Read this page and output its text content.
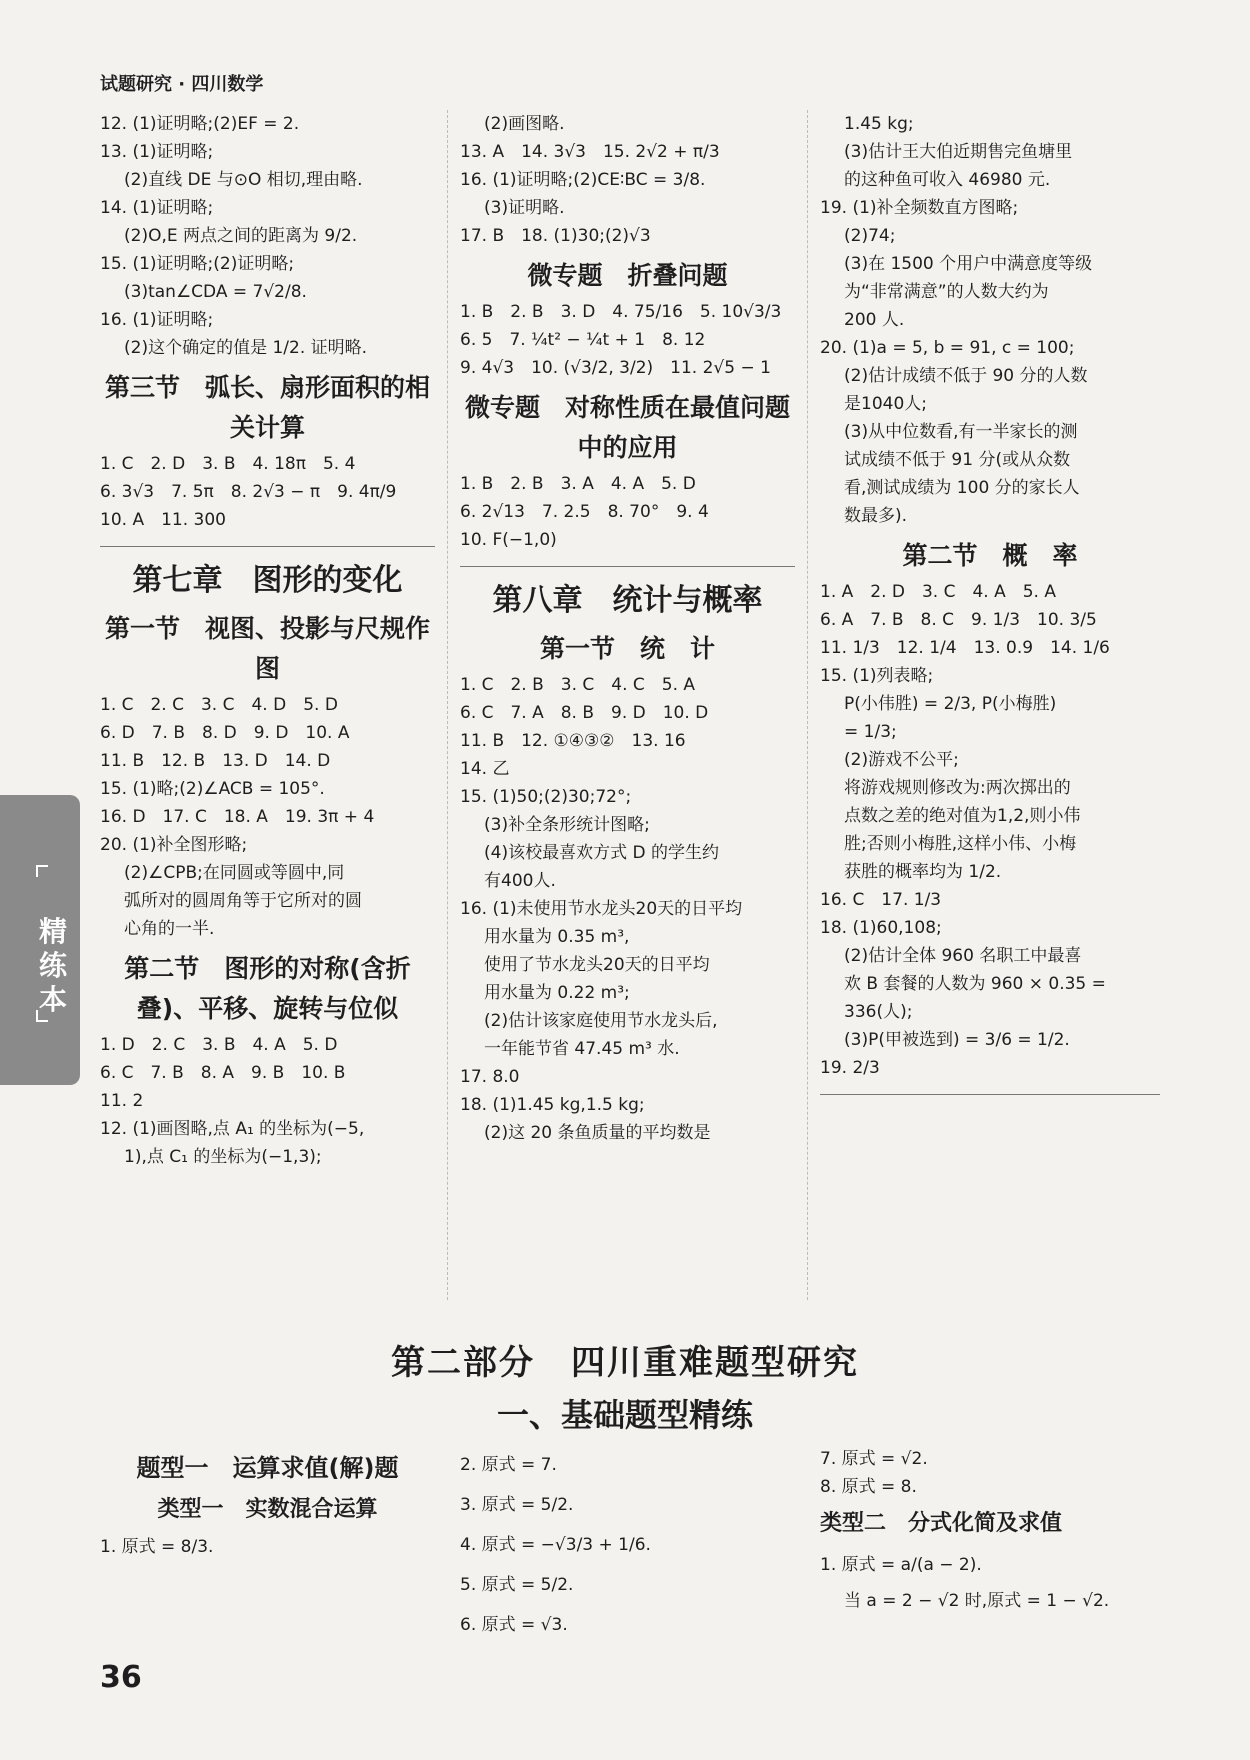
试题研究 · 四川数学
精练本
12. (1)证明略;(2)EF = 2.
13. (1)证明略;
(2)直线 DE 与⊙O 相切,理由略.
14. (1)证明略;
(2)O,E 两点之间的距离为 9/2.
15. (1)证明略;(2)证明略;
(3)tan∠CDA = 7√2/8.
16. (1)证明略;
(2)这个确定的值是 1/2. 证明略.
第三节　弧长、扇形面积的相关计算
1. C　2. D　3. B　4. 18π　5. 4
6. 3√3　7. 5π　8. 2√3 − π　9. 4π/9
10. A　11. 300
第七章　图形的变化
第一节　视图、投影与尺规作图
1. C　2. C　3. C　4. D　5. D
6. D　7. B　8. D　9. D　10. A
11. B　12. B　13. D　14. D
15. (1)略;(2)∠ACB = 105°.
16. D　17. C　18. A　19. 3π + 4
20. (1)补全图形略;
(2)∠CPB;在同圆或等圆中,同
弧所对的圆周角等于它所对的圆
心角的一半.
第二节　图形的对称(含折叠)、平移、旋转与位似
1. D　2. C　3. B　4. A　5. D
6. C　7. B　8. A　9. B　10. B
11. 2
12. (1)画图略,点 A₁ 的坐标为(−5,
1),点 C₁ 的坐标为(−1,3);
(2)画图略.
13. A　14. 3√3　15. 2√2 + π/3
16. (1)证明略;(2)CE∶BC = 3/8.
(3)证明略.
17. B　18. (1)30;(2)√3
微专题　折叠问题
1. B　2. B　3. D　4. 75/16　5. 10√3/3
6. 5　7. ¼t² − ¼t + 1　8. 12
9. 4√3　10. (√3/2, 3/2)　11. 2√5 − 1
微专题　对称性质在最值问题中的应用
1. B　2. B　3. A　4. A　5. D
6. 2√13　7. 2.5　8. 70°　9. 4
10. F(−1,0)
第八章　统计与概率
第一节　统　计
1. C　2. B　3. C　4. C　5. A
6. C　7. A　8. B　9. D　10. D
11. B　12. ①④③②　13. 16
14. 乙
15. (1)50;(2)30;72°;
(3)补全条形统计图略;
(4)该校最喜欢方式 D 的学生约
有400人.
16. (1)未使用节水龙头20天的日平均
用水量为 0.35 m³,
使用了节水龙头20天的日平均
用水量为 0.22 m³;
(2)估计该家庭使用节水龙头后,
一年能节省 47.45 m³ 水.
17. 8.0
18. (1)1.45 kg,1.5 kg;
(2)这 20 条鱼质量的平均数是
1.45 kg;
(3)估计王大伯近期售完鱼塘里
的这种鱼可收入 46980 元.
19. (1)补全频数直方图略;
(2)74;
(3)在 1500 个用户中满意度等级
为“非常满意”的人数大约为
200 人.
20. (1)a = 5, b = 91, c = 100;
(2)估计成绩不低于 90 分的人数
是1040人;
(3)从中位数看,有一半家长的测
试成绩不低于 91 分(或从众数
看,测试成绩为 100 分的家长人
数最多).
第二节　概　率
1. A　2. D　3. C　4. A　5. A
6. A　7. B　8. C　9. 1/3　10. 3/5
11. 1/3　12. 1/4　13. 0.9　14. 1/6
15. (1)列表略;
P(小伟胜) = 2/3, P(小梅胜)
= 1/3;
(2)游戏不公平;
将游戏规则修改为:两次掷出的
点数之差的绝对值为1,2,则小伟
胜;否则小梅胜,这样小伟、小梅
获胜的概率均为 1/2.
16. C　17. 1/3
18. (1)60,108;
(2)估计全体 960 名职工中最喜
欢 B 套餐的人数为 960 × 0.35 =
336(人);
(3)P(甲被选到) = 3/6 = 1/2.
19. 2/3
第二部分　四川重难题型研究
一、基础题型精练
题型一　运算求值(解)题
类型一　实数混合运算
1. 原式 = 8/3.
2. 原式 = 7.
3. 原式 = 5/2.
4. 原式 = −√3/3 + 1/6.
5. 原式 = 5/2.
6. 原式 = √3.
7. 原式 = √2.
8. 原式 = 8.
类型二　分式化简及求值
1. 原式 = a/(a − 2).
当 a = 2 − √2 时,原式 = 1 − √2.
36
